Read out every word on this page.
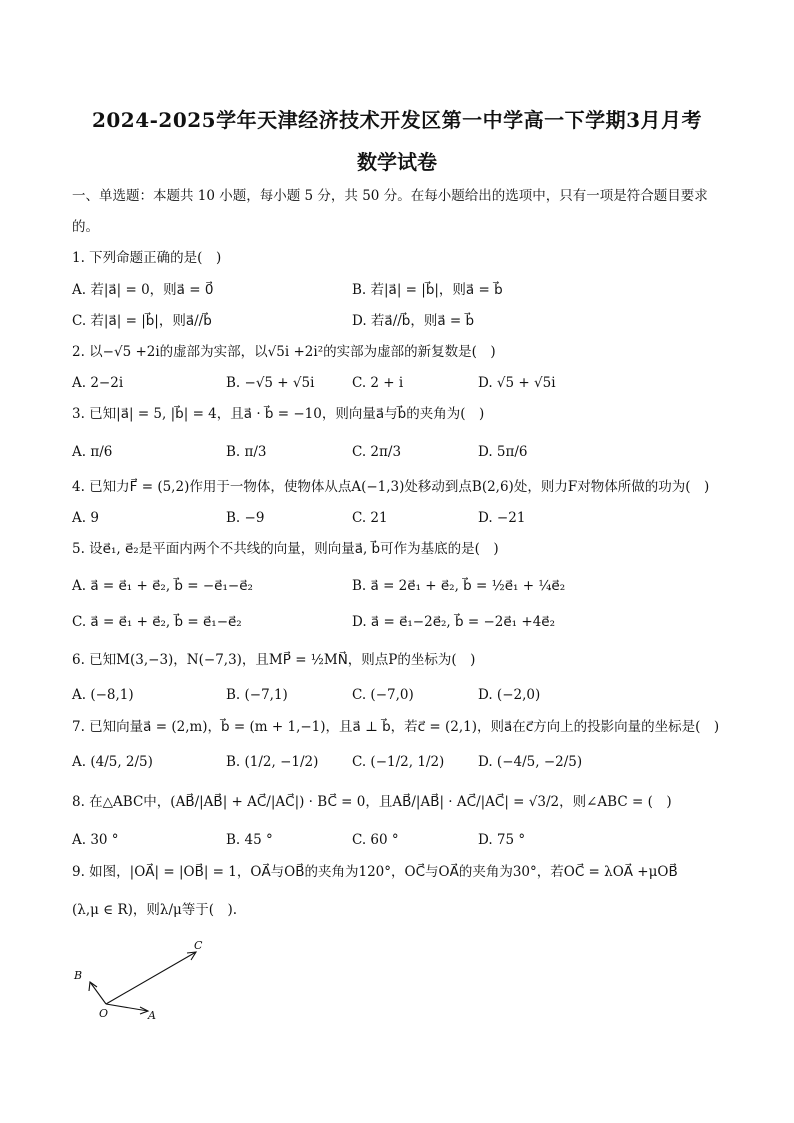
2024-2025学年天津经济技术开发区第一中学高一下学期3月月考
数学试卷
一、单选题：本题共 10 小题，每小题 5 分，共 50 分。在每小题给出的选项中，只有一项是符合题目要求
的。
1. 下列命题正确的是(　)
A. 若|a⃗| = 0，则a⃗ = 0⃗	B. 若|a⃗| = |b⃗|，则a⃗ = b⃗
C. 若|a⃗| = |b⃗|，则a⃗//b⃗	D. 若a⃗//b⃗，则a⃗ = b⃗
2. 以−√5 +2i的虚部为实部，以√5i +2i²的实部为虚部的新复数是(　)
A. 2−2i	B. −√5 + √5i	C. 2 + i	D. √5 + √5i
3. 已知|a⃗| = 5, |b⃗| = 4，且a⃗ · b⃗ = −10，则向量a⃗与b⃗的夹角为(　)
A. π/6	B. π/3	C. 2π/3	D. 5π/6
4. 已知力F⃗ = (5,2)作用于一物体，使物体从点A(−1,3)处移动到点B(2,6)处，则力F对物体所做的功为(　)
A. 9	B. −9	C. 21	D. −21
5. 设e⃗₁, e⃗₂是平面内两个不共线的向量，则向量a⃗, b⃗可作为基底的是(　)
A. a⃗ = e⃗₁ + e⃗₂, b⃗ = −e⃗₁−e⃗₂	B. a⃗ = 2e⃗₁ + e⃗₂, b⃗ = ½e⃗₁ + ¼e⃗₂
C. a⃗ = e⃗₁ + e⃗₂, b⃗ = e⃗₁−e⃗₂	D. a⃗ = e⃗₁−2e⃗₂, b⃗ = −2e⃗₁ +4e⃗₂
6. 已知M(3,−3)，N(−7,3)，且MP⃗ = ½MN⃗，则点P的坐标为(　)
A. (−8,1)	B. (−7,1)	C. (−7,0)	D. (−2,0)
7. 已知向量a⃗ = (2,m)，b⃗ = (m + 1,−1)，且a⃗ ⊥ b⃗，若c⃗ = (2,1)，则a⃗在c⃗方向上的投影向量的坐标是(　)
A. (4/5, 2/5)	B. (1/2, −1/2) C. (−1/2, 1/2) D. (−4/5, −2/5)
8. 在△ABC中，(AB⃗/|AB⃗| + AC⃗/|AC⃗|) · BC⃗ = 0，且AB⃗/|AB⃗| · AC⃗/|AC⃗| = √3/2，则∠ABC = (　)
A. 30 °	B. 45 °	C. 60 °	D. 75 °
9. 如图，|OA⃗| = |OB⃗| = 1，OA⃗与OB⃗的夹角为120°，OC⃗与OA⃗的夹角为30°，若OC⃗ = λOA⃗ +μOB⃗
(λ,μ ∈ R)，则λ/μ等于(　).
O	A
B
C
